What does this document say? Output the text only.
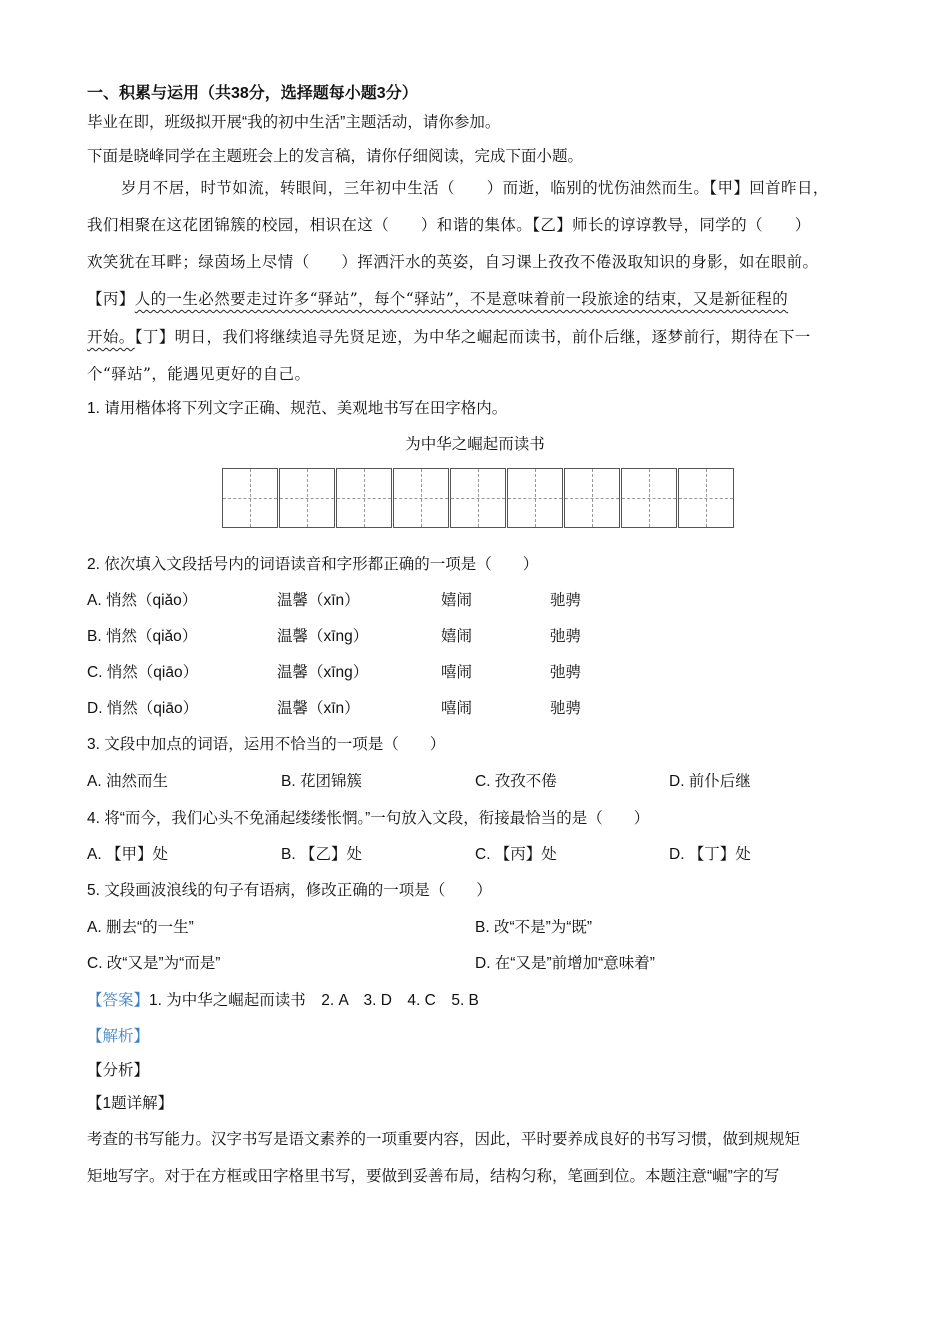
一、积累与运用（共38分，选择题每小题3分）
毕业在即，班级拟开展“我的初中生活”主题活动，请你参加。
下面是晓峰同学在主题班会上的发言稿，请你仔细阅读，完成下面小题。
岁月不居，时节如流，转眼间，三年初中生活（　　）而逝，临别的忧伤油然而生。【甲】回首昨日，
我们相聚在这花团锦簇的校园，相识在这（　　）和谐的集体。【乙】师长的谆谆教导，同学的（　　）
欢笑犹在耳畔；绿茵场上尽情（　　）挥洒汗水的英姿，自习课上孜孜不倦汲取知识的身影，如在眼前。
【丙】人的一生必然要走过许多“驿站”，每个“驿站”，不是意味着前一段旅途的结束，又是新征程的
开始。【丁】明日，我们将继续追寻先贤足迹，为中华之崛起而读书，前仆后继，逐梦前行，期待在下一
个“驿站”，能遇见更好的自己。
1. 请用楷体将下列文字正确、规范、美观地书写在田字格内。
为中华之崛起而读书
2. 依次填入文段括号内的词语读音和字形都正确的一项是（　　）
A. 悄然（qiǎo）	温馨（xīn）	嬉闹	驰骋
B. 悄然（qiǎo）	温馨（xīng）	嬉闹	弛骋
C. 悄然（qiāo）	温馨（xīng）	嘻闹	弛骋
D. 悄然（qiāo）	温馨（xīn）	嘻闹	驰骋
3. 文段中加点的词语，运用不恰当的一项是（　　）
A. 油然而生	B. 花团锦簇	C. 孜孜不倦	D. 前仆后继
4. 将“而今，我们心头不免涌起缕缕怅惘。”一句放入文段，衔接最恰当的是（　　）
A. 【甲】处	B. 【乙】处	C. 【丙】处	D. 【丁】处
5. 文段画波浪线的句子有语病，修改正确的一项是（　　）
A. 删去“的一生”	B. 改“不是”为“既”
C. 改“又是”为“而是”	D. 在“又是”前增加“意味着”
【答案】1. 为中华之崛起而读书　2. A　3. D　4. C　5. B
【解析】
【分析】
【1题详解】
考查的书写能力。汉字书写是语文素养的一项重要内容，因此，平时要养成良好的书写习惯，做到规规矩
矩地写字。对于在方框或田字格里书写，要做到妥善布局，结构匀称，笔画到位。本题注意“崛”字的写
